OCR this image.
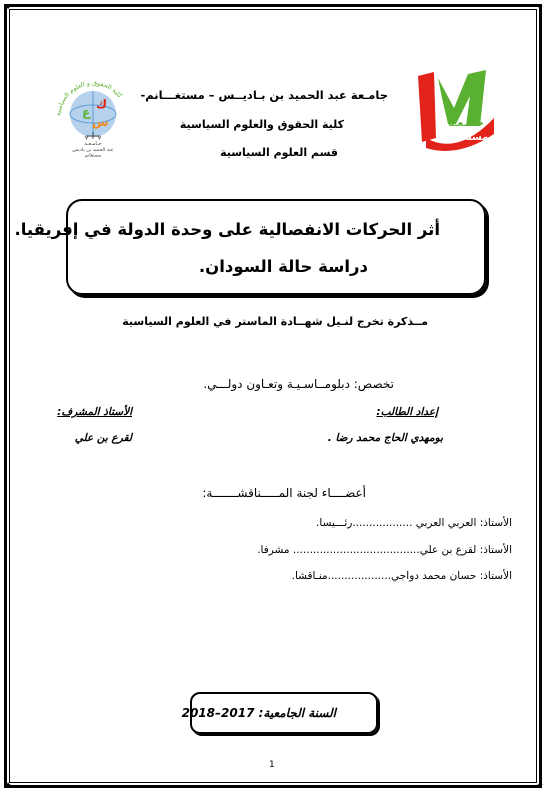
✦	✦
✦	✦
كلية الحقوق و العلوم السياسية
ك
ع
س
جـامـعـة
عبد الحميد بن باديس
مستغانم
جامـعـة
مستغـانم
جامـعة عبد الحميد بن بـاديــس – مستغـــانم-
كلية الحقوق والعلوم السياسية
قسم العلوم السياسية
أثر الحركات الانفصالية على وحدة الدولة في إفريقيا.
دراسة حالة السودان.
مــذكرة تخرج لنـيل شهــادة الماستر في العلوم السياسية
تخصص: دبلومــاسـيـة وتعـاون دولـــي.
إعداد الطالب:
الأستاذ المشرف:
بومهدي الحاج محمد رضا .
لقرع بن علي
أعضــــاء لجنة المـــــناقشـــــــة:
الأستاذ: العربي العربي ..................رئـــيسا.
الأستاذ: لقرع بن علي...................................... مشرفا.
الأستاذ: حسان محمد دواجي...................منـاقشا.
السنة الجامعية: 2017–2018
1
